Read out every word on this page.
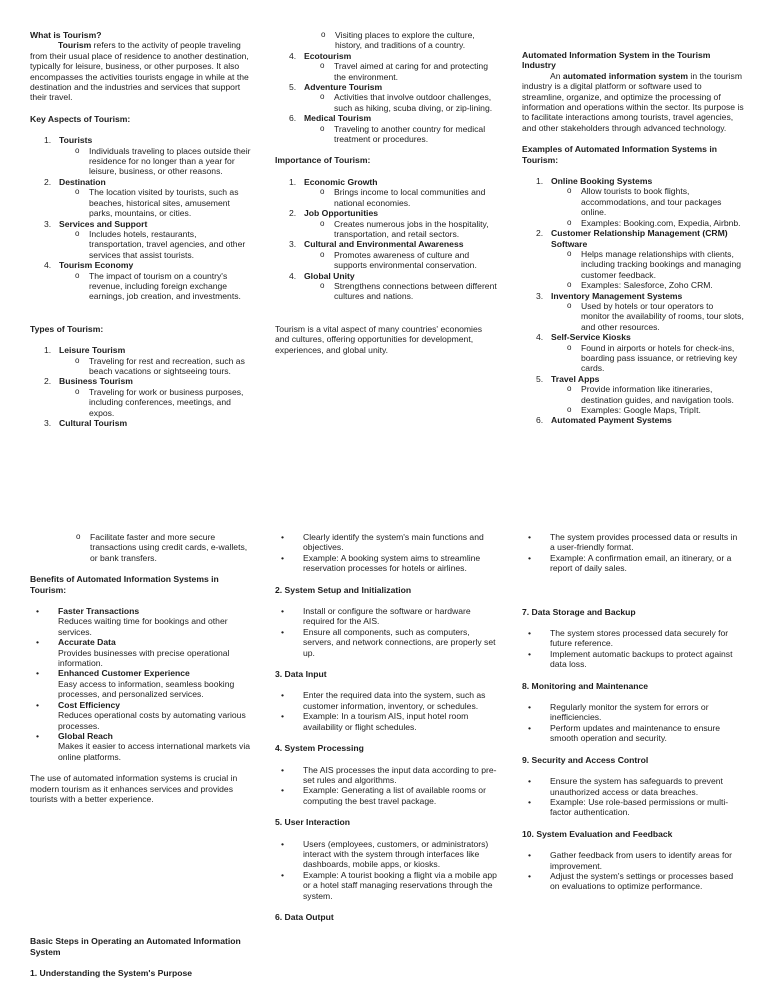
What is Tourism?

Tourism refers to the activity of people traveling from their usual place of residence to another destination, typically for leisure, business, or other purposes. It also encompasses the activities tourists engage in while at the destination and the industries and services that support their travel.

Key Aspects of Tourism:

1. Tourists
o Individuals traveling to places outside their residence for no longer than a year for leisure, business, or other reasons.
2. Destination
o The location visited by tourists, such as beaches, historical sites, amusement parks, mountains, or cities.
3. Services and Support
o Includes hotels, restaurants, transportation, travel agencies, and other services that assist tourists.
4. Tourism Economy
o The impact of tourism on a country's revenue, including foreign exchange earnings, job creation, and investments.

Types of Tourism:

1. Leisure Tourism
o Traveling for rest and recreation, such as beach vacations or sightseeing tours.
2. Business Tourism
o Traveling for work or business purposes, including conferences, meetings, and expos.
3. Cultural Tourism
o Visiting places to explore the culture, history, and traditions of a country.
4. Ecotourism
o Travel aimed at caring for and protecting the environment.
5. Adventure Tourism
o Activities that involve outdoor challenges, such as hiking, scuba diving, or zip-lining.
6. Medical Tourism
o Traveling to another country for medical treatment or procedures.

Importance of Tourism:

1. Economic Growth
o Brings income to local communities and national economies.
2. Job Opportunities
o Creates numerous jobs in the hospitality, transportation, and retail sectors.
3. Cultural and Environmental Awareness
o Promotes awareness of culture and supports environmental conservation.
4. Global Unity
o Strengthens connections between different cultures and nations.

Tourism is a vital aspect of many countries' economies and cultures, offering opportunities for development, experiences, and global unity.

Automated Information System in the Tourism Industry

An automated information system in the tourism industry is a digital platform or software used to streamline, organize, and optimize the processing of information and operations within the sector. Its purpose is to facilitate interactions among tourists, travel agencies, and other stakeholders through advanced technology.

Examples of Automated Information Systems in Tourism:

1. Online Booking Systems
o Allow tourists to book flights, accommodations, and tour packages online.
o Examples: Booking.com, Expedia, Airbnb.
2. Customer Relationship Management (CRM) Software
o Helps manage relationships with clients, including tracking bookings and managing customer feedback.
o Examples: Salesforce, Zoho CRM.
3. Inventory Management Systems
o Used by hotels or tour operators to monitor the availability of rooms, tour slots, and other resources.
4. Self-Service Kiosks
o Found in airports or hotels for check-ins, boarding pass issuance, or retrieving key cards.
5. Travel Apps
o Provide information like itineraries, destination guides, and navigation tools.
o Examples: Google Maps, TripIt.
6. Automated Payment Systems
o Facilitate faster and more secure transactions using credit cards, e-wallets, or bank transfers.

Benefits of Automated Information Systems in Tourism:

• Faster Transactions
Reduces waiting time for bookings and other services.
• Accurate Data
Provides businesses with precise operational information.
• Enhanced Customer Experience
Easy access to information, seamless booking processes, and personalized services.
• Cost Efficiency
Reduces operational costs by automating various processes.
• Global Reach
Makes it easier to access international markets via online platforms.

The use of automated information systems is crucial in modern tourism as it enhances services and provides tourists with a better experience.

Basic Steps in Operating an Automated Information System

1. Understanding the System's Purpose

• Clearly identify the system's main functions and objectives.
• Example: A booking system aims to streamline reservation processes for hotels or airlines.

2. System Setup and Initialization

• Install or configure the software or hardware required for the AIS.
• Ensure all components, such as computers, servers, and network connections, are properly set up.

3. Data Input

• Enter the required data into the system, such as customer information, inventory, or schedules.
• Example: In a tourism AIS, input hotel room availability or flight schedules.

4. System Processing

• The AIS processes the input data according to pre-set rules and algorithms.
• Example: Generating a list of available rooms or computing the best travel package.

5. User Interaction

• Users (employees, customers, or administrators) interact with the system through interfaces like dashboards, mobile apps, or kiosks.
• Example: A tourist booking a flight via a mobile app or a hotel staff managing reservations through the system.

6. Data Output

• The system provides processed data or results in a user-friendly format.
• Example: A confirmation email, an itinerary, or a report of daily sales.

7. Data Storage and Backup

• The system stores processed data securely for future reference.
• Implement automatic backups to protect against data loss.

8. Monitoring and Maintenance

• Regularly monitor the system for errors or inefficiencies.
• Perform updates and maintenance to ensure smooth operation and security.

9. Security and Access Control

• Ensure the system has safeguards to prevent unauthorized access or data breaches.
• Example: Use role-based permissions or multi-factor authentication.

10. System Evaluation and Feedback

• Gather feedback from users to identify areas for improvement.
• Adjust the system's settings or processes based on evaluations to optimize performance.
